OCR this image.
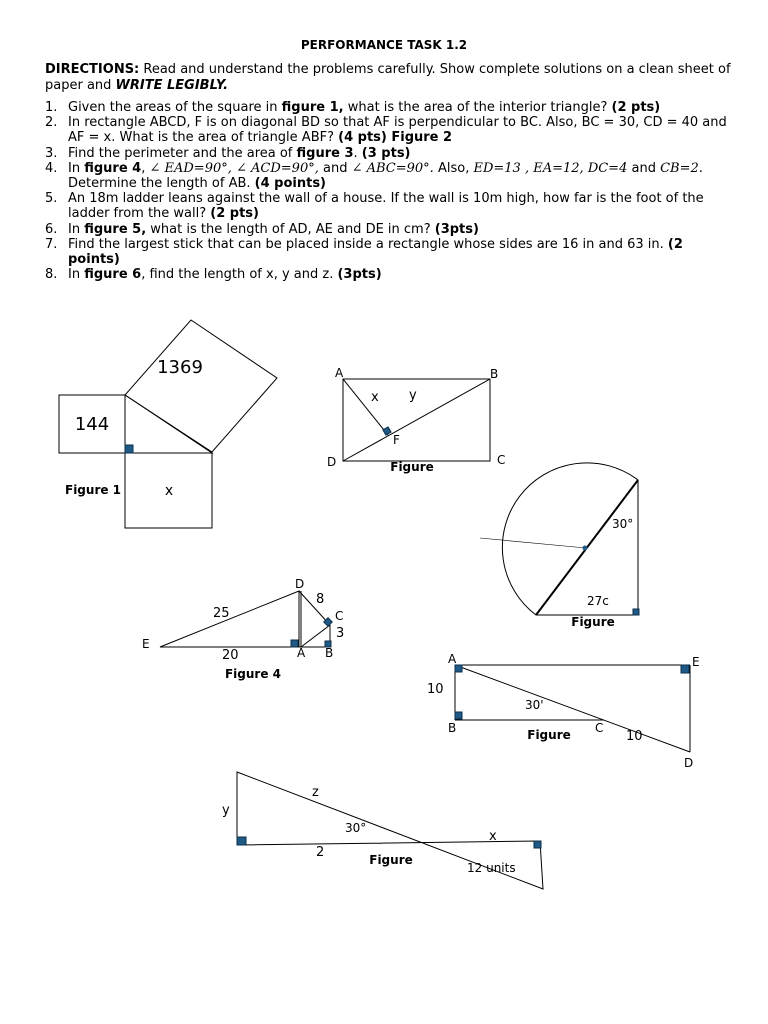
PERFORMANCE TASK 1.2
DIRECTIONS: Read and understand the problems carefully. Show complete solutions on a clean sheet of paper and WRITE LEGIBLY.
1. Given the areas of the square in figure 1, what is the area of the interior triangle? (2 pts)
2. In rectangle ABCD, F is on diagonal BD so that AF is perpendicular to BC. Also, BC = 30, CD = 40 and AF = x. What is the area of triangle ABF? (4 pts) Figure 2
3. Find the perimeter and the area of figure 3. (3 pts)
4. In figure 4, ∠ EAD=90°, ∠ ACD=90°, and ∠ ABC=90°. Also, ED=13 , EA=12, DC=4 and CB=2. Determine the length of AB. (4 points)
5. An 18m ladder leans against the wall of a house. If the wall is 10m high, how far is the foot of the ladder from the wall? (2 pts)
6. In figure 5, what is the length of AD, AE and DE in cm? (3pts)
7. Find the largest stick that can be placed inside a rectangle whose sides are 16 in and 63 in. (2 points)
8. In figure 6, find the length of x, y and z. (3pts)
1369
144
x
Figure 1
A	B
C
D
F
x y
Figure
30°
27c
Figure
D
C
A B
E
25
8
3
20
Figure 4
A	E
B	C
D
10
30'
10
Figure
y
z
30°
x
2	Figure
12 units
